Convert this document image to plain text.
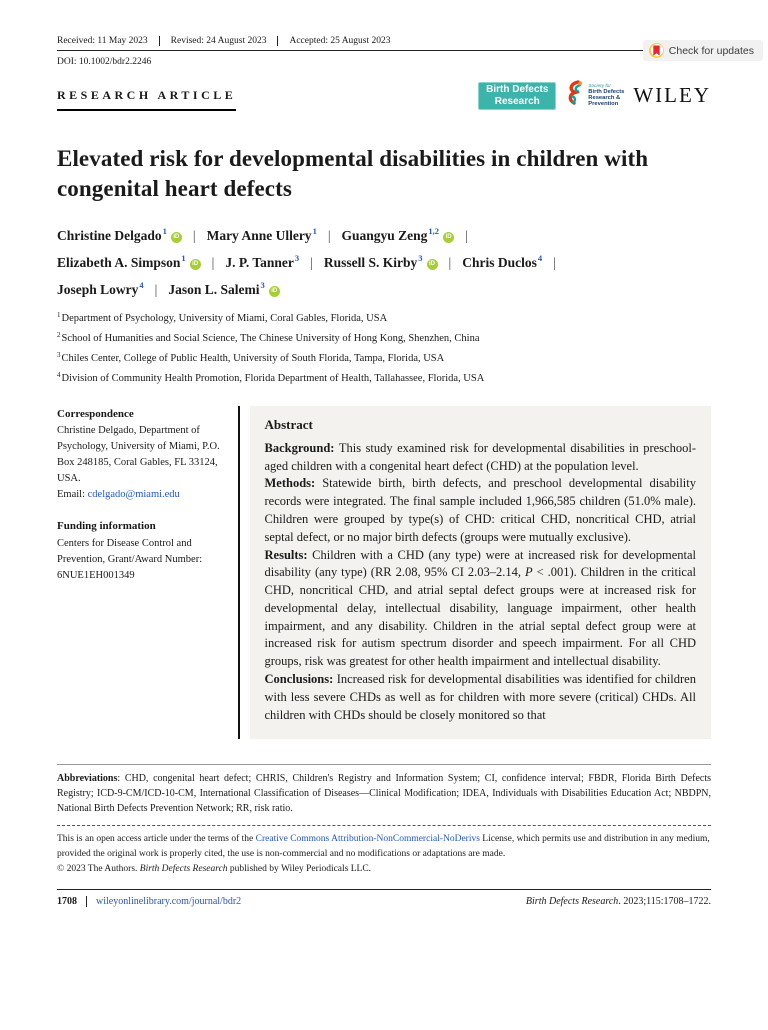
Check for updates
Received: 11 May 2023	Revised: 24 August 2023	Accepted: 25 August 2023
DOI: 10.1002/bdr2.2246
RESEARCH ARTICLE	Birth Defects
Research
Society for
Birth Defects
Research &
Prevention WILEY
Elevated risk for developmental disabilities in children with congenital heart defects
Christine Delgado$^1$iD | Mary Anne Ullery$^1$ | Guangyu Zeng$^{1,2}$iD |
Elizabeth A. Simpson$^1$iD | J. P. Tanner$^3$ | Russell S. Kirby$^3$iD | Chris Duclos$^4$ |
Joseph Lowry$^4$ | Jason L. Salemi$^3$iD
$^1$Department of Psychology, University of Miami, Coral Gables, Florida, USA
$^2$School of Humanities and Social Science, The Chinese University of Hong Kong, Shenzhen, China
$^3$Chiles Center, College of Public Health, University of South Florida, Tampa, Florida, USA
$^4$Division of Community Health Promotion, Florida Department of Health, Tallahassee, Florida, USA
Correspondence
Christine Delgado, Department of Psychology, University of Miami, P.O. Box 248185, Coral Gables, FL 33124, USA.
Email: cdelgado@miami.edu
Funding information
Centers for Disease Control and Prevention, Grant/Award Number: 6NUE1EH001349
Abstract

Background: This study examined risk for developmental disabilities in preschool-aged children with a congenital heart defect (CHD) at the population level.

Methods: Statewide birth, birth defects, and preschool developmental disability records were integrated. The final sample included 1,966,585 children (51.0% male). Children were grouped by type(s) of CHD: critical CHD, noncritical CHD, atrial septal defect, or no major birth defects (groups were mutually exclusive).

Results: Children with a CHD (any type) were at increased risk for developmental disability (any type) (RR 2.08, 95% CI 2.03–2.14, P < .001). Children in the critical CHD, noncritical CHD, and atrial septal defect groups were at increased risk for developmental delay, intellectual disability, language impairment, other health impairment, and any disability. Children in the atrial septal defect group were at increased risk for autism spectrum disorder and speech impairment. For all CHD groups, risk was greatest for other health impairment and intellectual disability.

Conclusions: Increased risk for developmental disabilities was identified for children with less severe CHDs as well as for children with more severe (critical) CHDs. All children with CHDs should be closely monitored so that

Abbreviations: CHD, congenital heart defect; CHRIS, Children's Registry and Information System; CI, confidence interval; FBDR, Florida Birth Defects Registry; ICD-9-CM/ICD-10-CM, International Classification of Diseases—Clinical Modification; IDEA, Individuals with Disabilities Education Act; NBDPN, National Birth Defects Prevention Network; RR, risk ratio.
This is an open access article under the terms of the Creative Commons Attribution-NonCommercial-NoDerivs License, which permits use and distribution in any medium, provided the original work is properly cited, the use is non-commercial and no modifications or adaptations are made.
© 2023 The Authors. Birth Defects Research published by Wiley Periodicals LLC.
1708	wileyonlinelibrary.com/journal/bdr2	Birth Defects Research. 2023;115:1708–1722.
